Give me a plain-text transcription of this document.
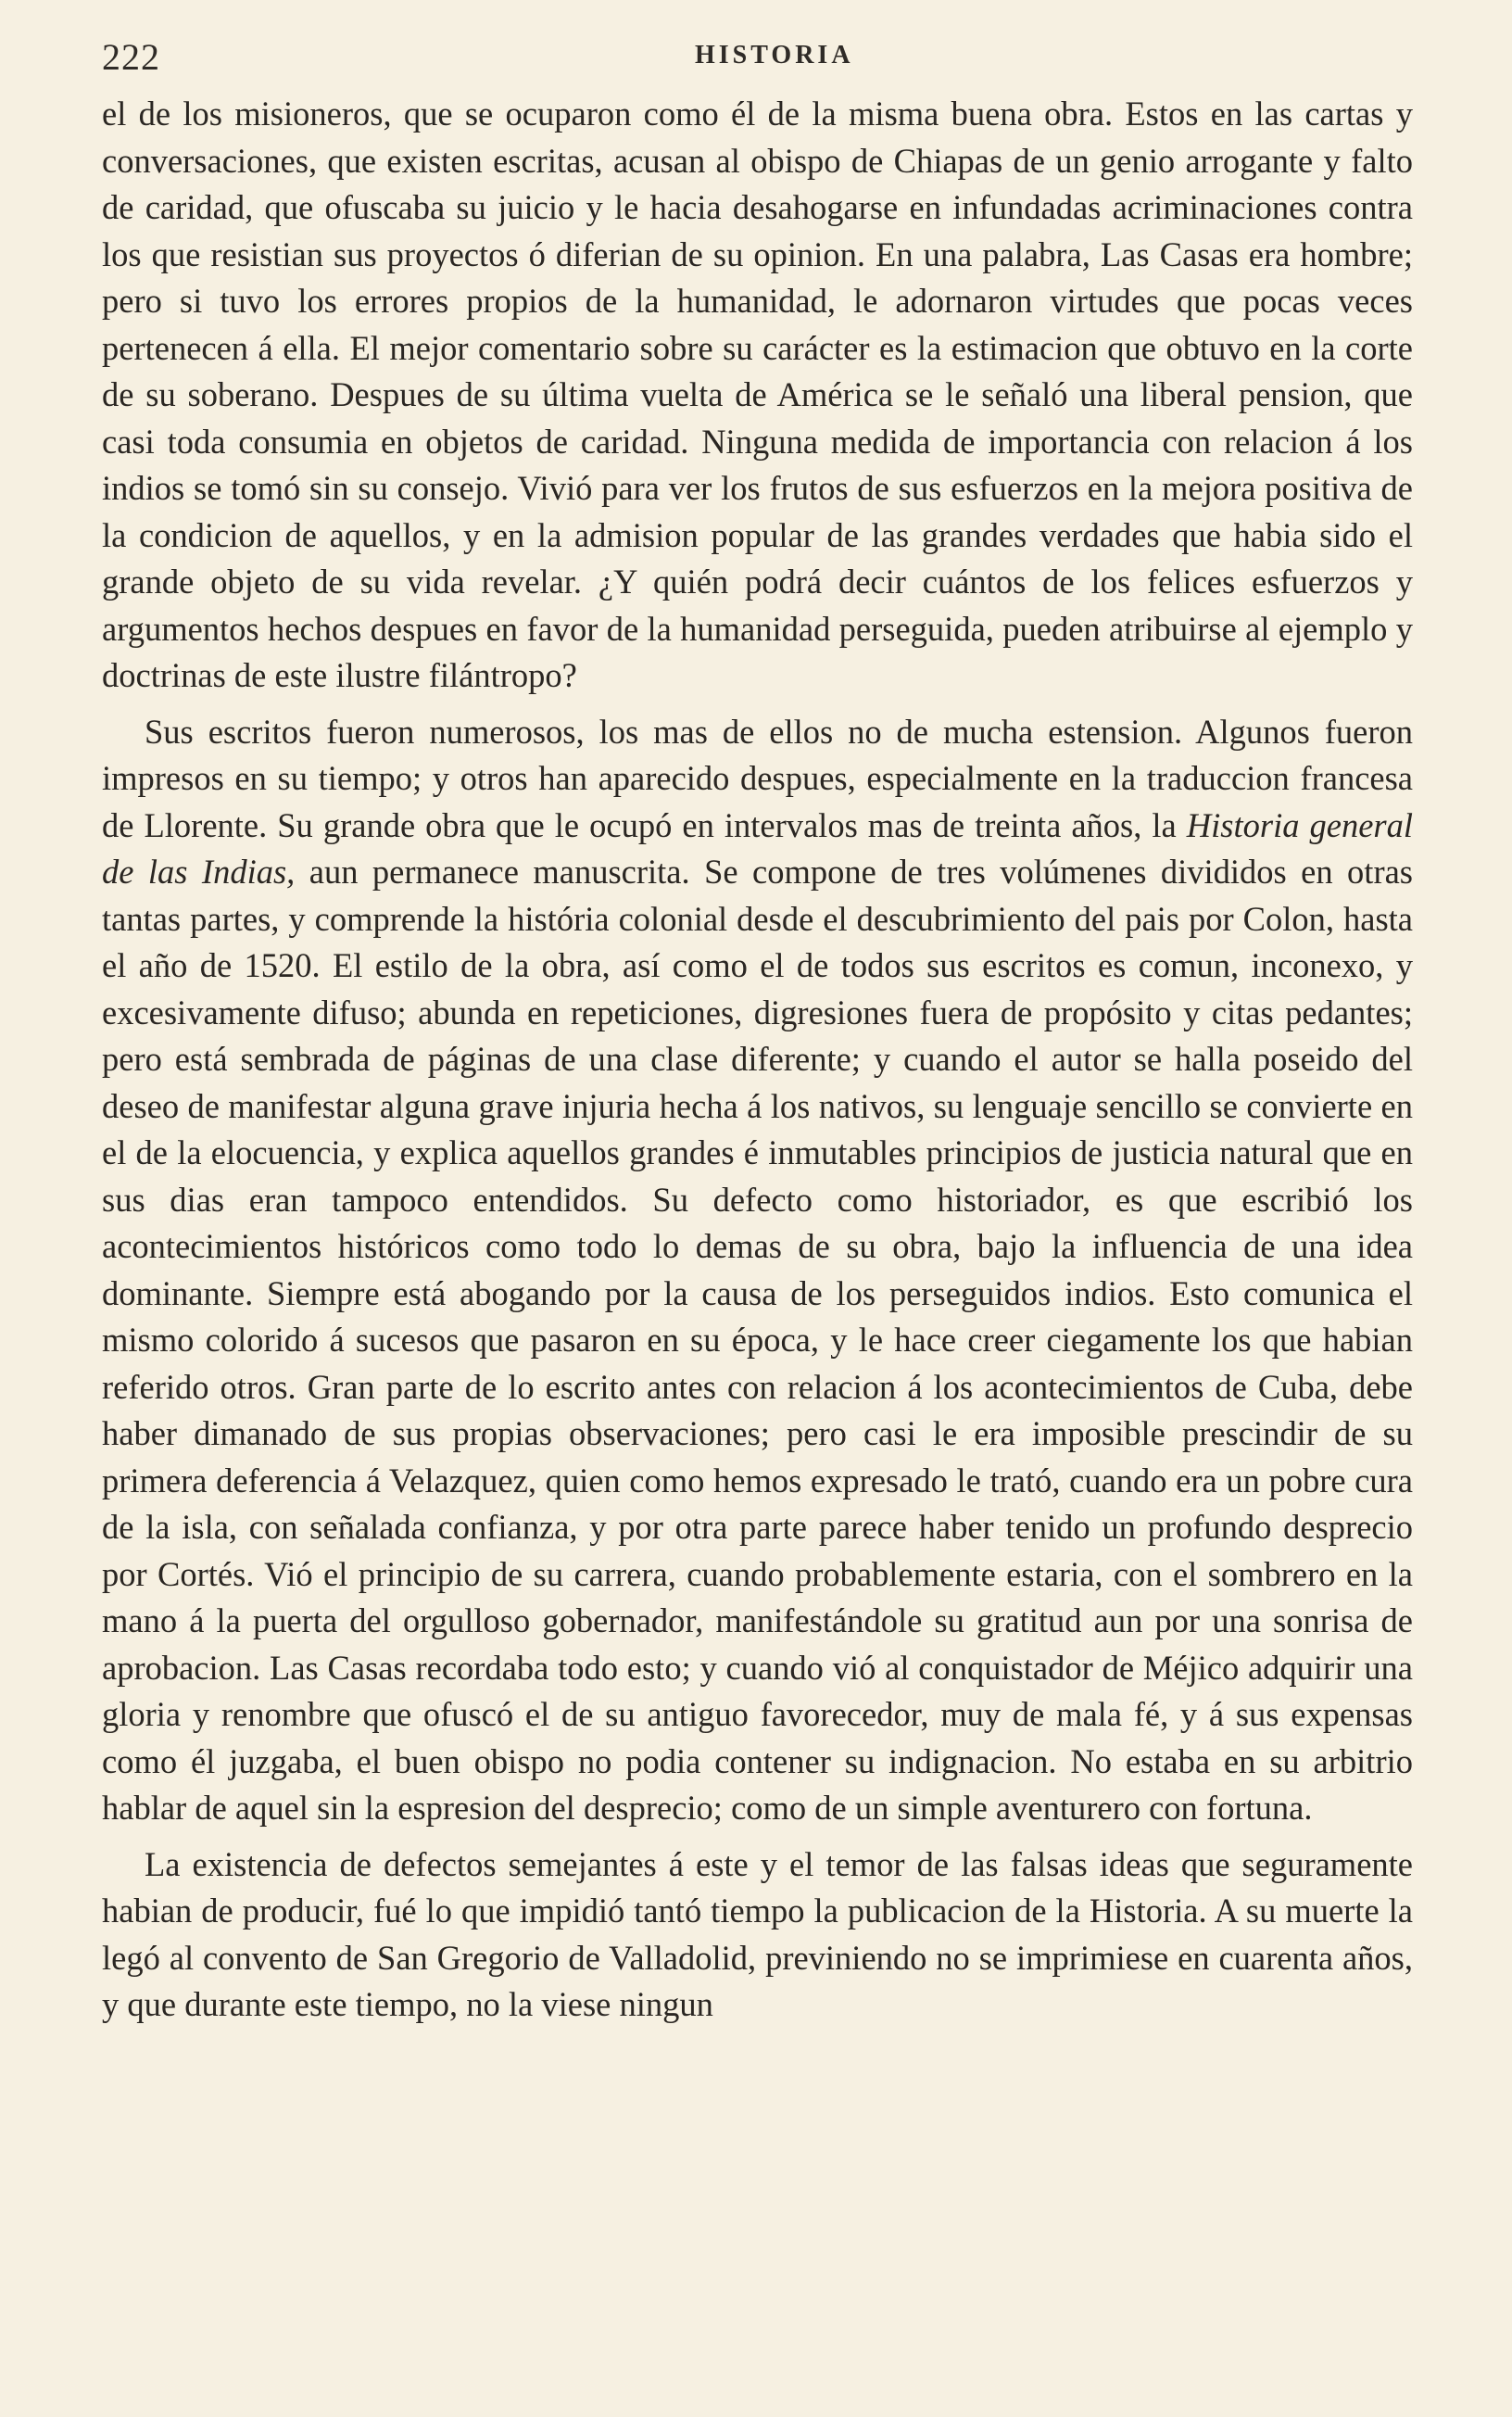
222	HISTORIA

el de los misioneros, que se ocuparon como él de la misma buena obra. Estos en las cartas y conversaciones, que existen escritas, acusan al obispo de Chiapas de un genio arrogante y falto de caridad, que ofuscaba su juicio y le hacia desahogarse en infundadas acriminaciones contra los que resistian sus proyectos ó diferian de su opinion. En una palabra, Las Casas era hombre; pero si tuvo los errores propios de la humanidad, le adornaron virtudes que pocas veces pertenecen á ella. El mejor comentario sobre su carácter es la estimacion que obtuvo en la corte de su soberano. Despues de su última vuelta de América se le señaló una liberal pension, que casi toda consumia en objetos de caridad. Ninguna medida de importancia con relacion á los indios se tomó sin su consejo. Vivió para ver los frutos de sus esfuerzos en la mejora positiva de la condicion de aquellos, y en la admision popular de las grandes verdades que habia sido el grande objeto de su vida revelar. ¿Y quién podrá decir cuántos de los felices esfuerzos y argumentos hechos despues en favor de la humanidad perseguida, pueden atribuirse al ejemplo y doctrinas de este ilustre filántropo?

Sus escritos fueron numerosos, los mas de ellos no de mucha estension. Algunos fueron impresos en su tiempo; y otros han aparecido despues, especialmente en la traduccion francesa de Llorente. Su grande obra que le ocupó en intervalos mas de treinta años, la Historia general de las Indias, aun permanece manuscrita. Se compone de tres volúmenes divididos en otras tantas partes, y comprende la história colonial desde el descubrimiento del pais por Colon, hasta el año de 1520. El estilo de la obra, así como el de todos sus escritos es comun, inconexo, y excesivamente difuso; abunda en repeticiones, digresiones fuera de propósito y citas pedantes; pero está sembrada de páginas de una clase diferente; y cuando el autor se halla poseido del deseo de manifestar alguna grave injuria hecha á los nativos, su lenguaje sencillo se convierte en el de la elocuencia, y explica aquellos grandes é inmutables principios de justicia natural que en sus dias eran tampoco entendidos. Su defecto como historiador, es que escribió los acontecimientos históricos como todo lo demas de su obra, bajo la influencia de una idea dominante. Siempre está abogando por la causa de los perseguidos indios. Esto comunica el mismo colorido á sucesos que pasaron en su época, y le hace creer ciegamente los que habian referido otros. Gran parte de lo escrito antes con relacion á los acontecimientos de Cuba, debe haber dimanado de sus propias observaciones; pero casi le era imposible prescindir de su primera deferencia á Velazquez, quien como hemos expresado le trató, cuando era un pobre cura de la isla, con señalada confianza, y por otra parte parece haber tenido un profundo desprecio por Cortés. Vió el principio de su carrera, cuando probablemente estaria, con el sombrero en la mano á la puerta del orgulloso gobernador, manifestándole su gratitud aun por una sonrisa de aprobacion. Las Casas recordaba todo esto; y cuando vió al conquistador de Méjico adquirir una gloria y renombre que ofuscó el de su antiguo favorecedor, muy de mala fé, y á sus expensas como él juzgaba, el buen obispo no podia contener su indignacion. No estaba en su arbitrio hablar de aquel sin la espresion del desprecio; como de un simple aventurero con fortuna.

La existencia de defectos semejantes á este y el temor de las falsas ideas que seguramente habian de producir, fué lo que impidió tantó tiempo la publicacion de la Historia. A su muerte la legó al convento de San Gregorio de Valladolid, previniendo no se imprimiese en cuarenta años, y que durante este tiempo, no la viese ningun
